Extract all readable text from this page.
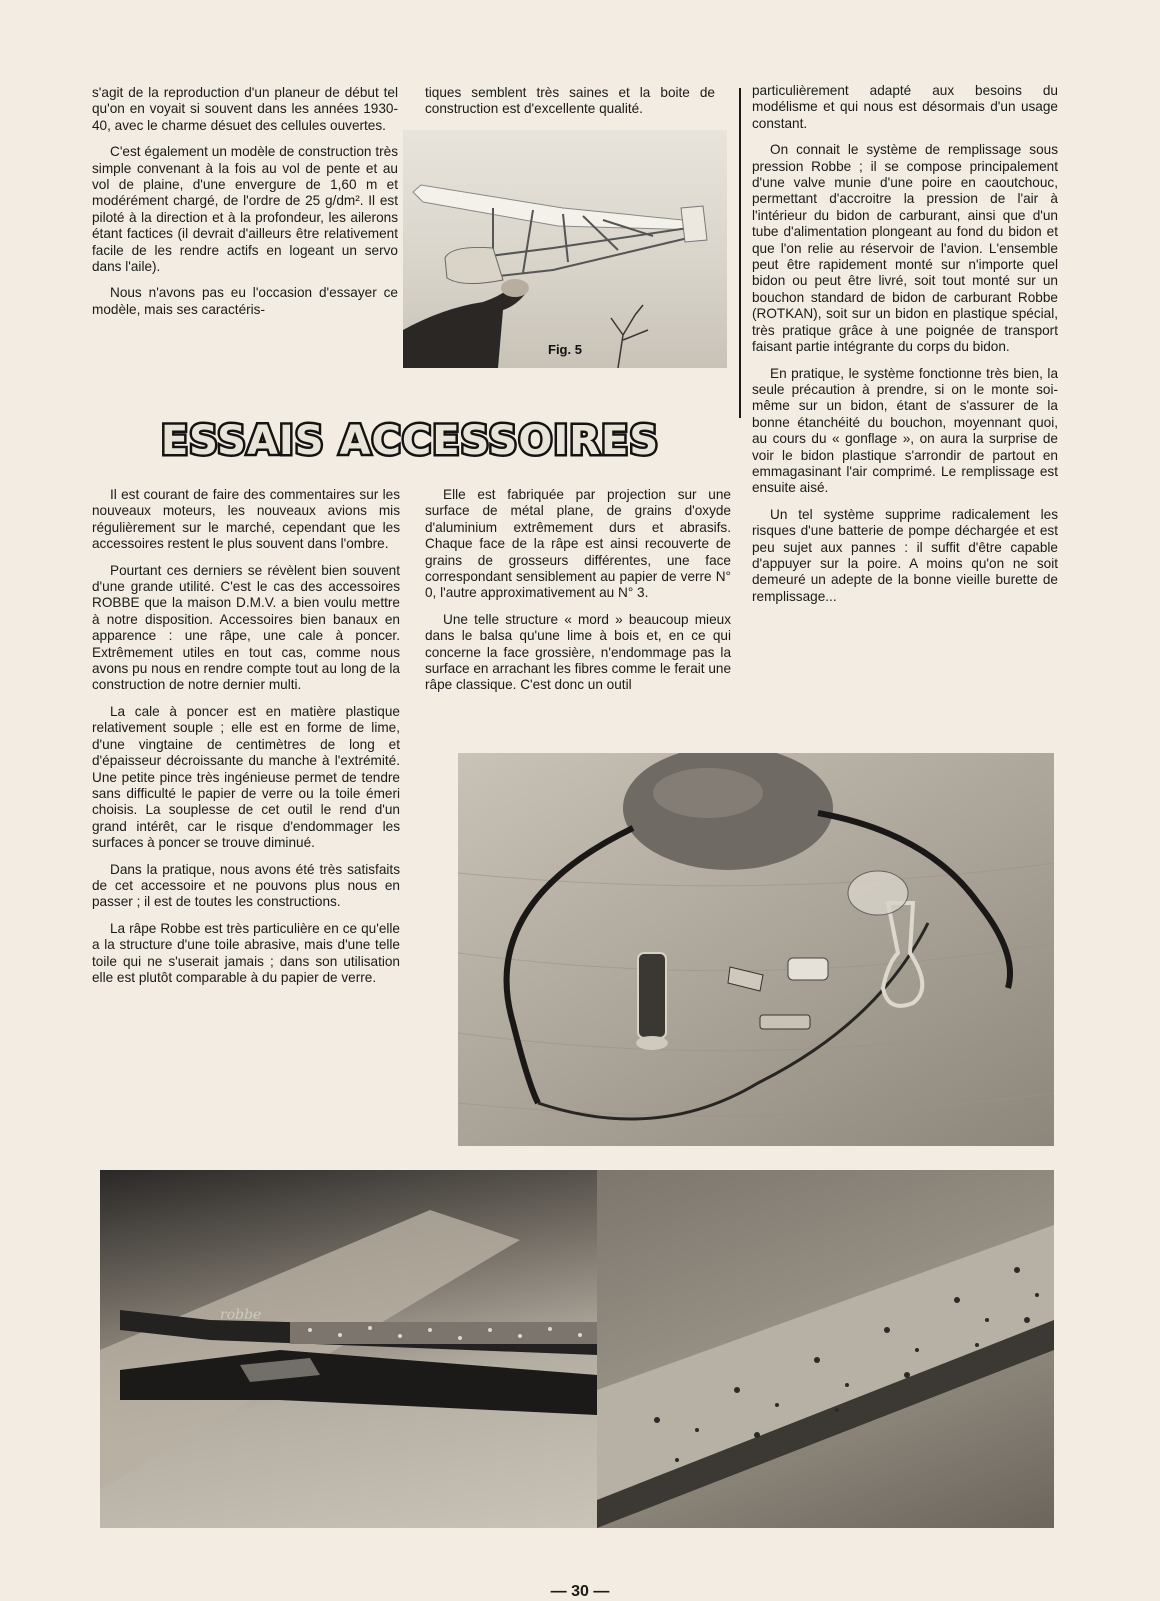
s'agit de la reproduction d'un planeur de début tel qu'on en voyait si souvent dans les années 1930-40, avec le charme désuet des cellules ouvertes.

C'est également un modèle de construction très simple convenant à la fois au vol de pente et au vol de plaine, d'une envergure de 1,60 m et modérément chargé, de l'ordre de 25 g/dm². Il est piloté à la direction et à la profondeur, les ailerons étant factices (il devrait d'ailleurs être relativement facile de les rendre actifs en logeant un servo dans l'aile).

Nous n'avons pas eu l'occasion d'essayer ce modèle, mais ses caractéris-

tiques semblent très saines et la boite de construction est d'excellente qualité.

Fig. 5

particulièrement adapté aux besoins du modélisme et qui nous est désormais d'un usage constant.

On connait le système de remplissage sous pression Robbe ; il se compose principalement d'une valve munie d'une poire en caoutchouc, permettant d'accroitre la pression de l'air à l'intérieur du bidon de carburant, ainsi que d'un tube d'alimentation plongeant au fond du bidon et que l'on relie au réservoir de l'avion. L'ensemble peut être rapidement monté sur n'importe quel bidon ou peut être livré, soit tout monté sur un bouchon standard de bidon de carburant Robbe (ROTKAN), soit sur un bidon en plastique spécial, très pratique grâce à une poignée de transport faisant partie intégrante du corps du bidon.

En pratique, le système fonctionne très bien, la seule précaution à prendre, si on le monte soi-même sur un bidon, étant de s'assurer de la bonne étanchéité du bouchon, moyennant quoi, au cours du « gonflage », on aura la surprise de voir le bidon plastique s'arrondir de partout en emmagasinant l'air comprimé. Le remplissage est ensuite aisé.

Un tel système supprime radicalement les risques d'une batterie de pompe déchargée et est peu sujet aux pannes : il suffit d'être capable d'appuyer sur la poire. A moins qu'on ne soit demeuré un adepte de la bonne vieille burette de remplissage...

ESSAIS ACCESSOIRES

Il est courant de faire des commentaires sur les nouveaux moteurs, les nouveaux avions mis régulièrement sur le marché, cependant que les accessoires restent le plus souvent dans l'ombre.

Pourtant ces derniers se révèlent bien souvent d'une grande utilité. C'est le cas des accessoires ROBBE que la maison D.M.V. a bien voulu mettre à notre disposition. Accessoires bien banaux en apparence : une râpe, une cale à poncer. Extrêmement utiles en tout cas, comme nous avons pu nous en rendre compte tout au long de la construction de notre dernier multi.

La cale à poncer est en matière plastique relativement souple ; elle est en forme de lime, d'une vingtaine de centimètres de long et d'épaisseur décroissante du manche à l'extrémité. Une petite pince très ingénieuse permet de tendre sans difficulté le papier de verre ou la toile émeri choisis. La souplesse de cet outil le rend d'un grand intérêt, car le risque d'endommager les surfaces à poncer se trouve diminué.

Dans la pratique, nous avons été très satisfaits de cet accessoire et ne pouvons plus nous en passer ; il est de toutes les constructions.

La râpe Robbe est très particulière en ce qu'elle a la structure d'une toile abrasive, mais d'une telle toile qui ne s'userait jamais ; dans son utilisation elle est plutôt comparable à du papier de verre.

Elle est fabriquée par projection sur une surface de métal plane, de grains d'oxyde d'aluminium extrêmement durs et abrasifs. Chaque face de la râpe est ainsi recouverte de grains de grosseurs différentes, une face correspondant sensiblement au papier de verre N° 0, l'autre approximativement au N° 3.

Une telle structure « mord » beaucoup mieux dans le balsa qu'une lime à bois et, en ce qui concerne la face grossière, n'endommage pas la surface en arrachant les fibres comme le ferait une râpe classique. C'est donc un outil

robbe
— 30 —
